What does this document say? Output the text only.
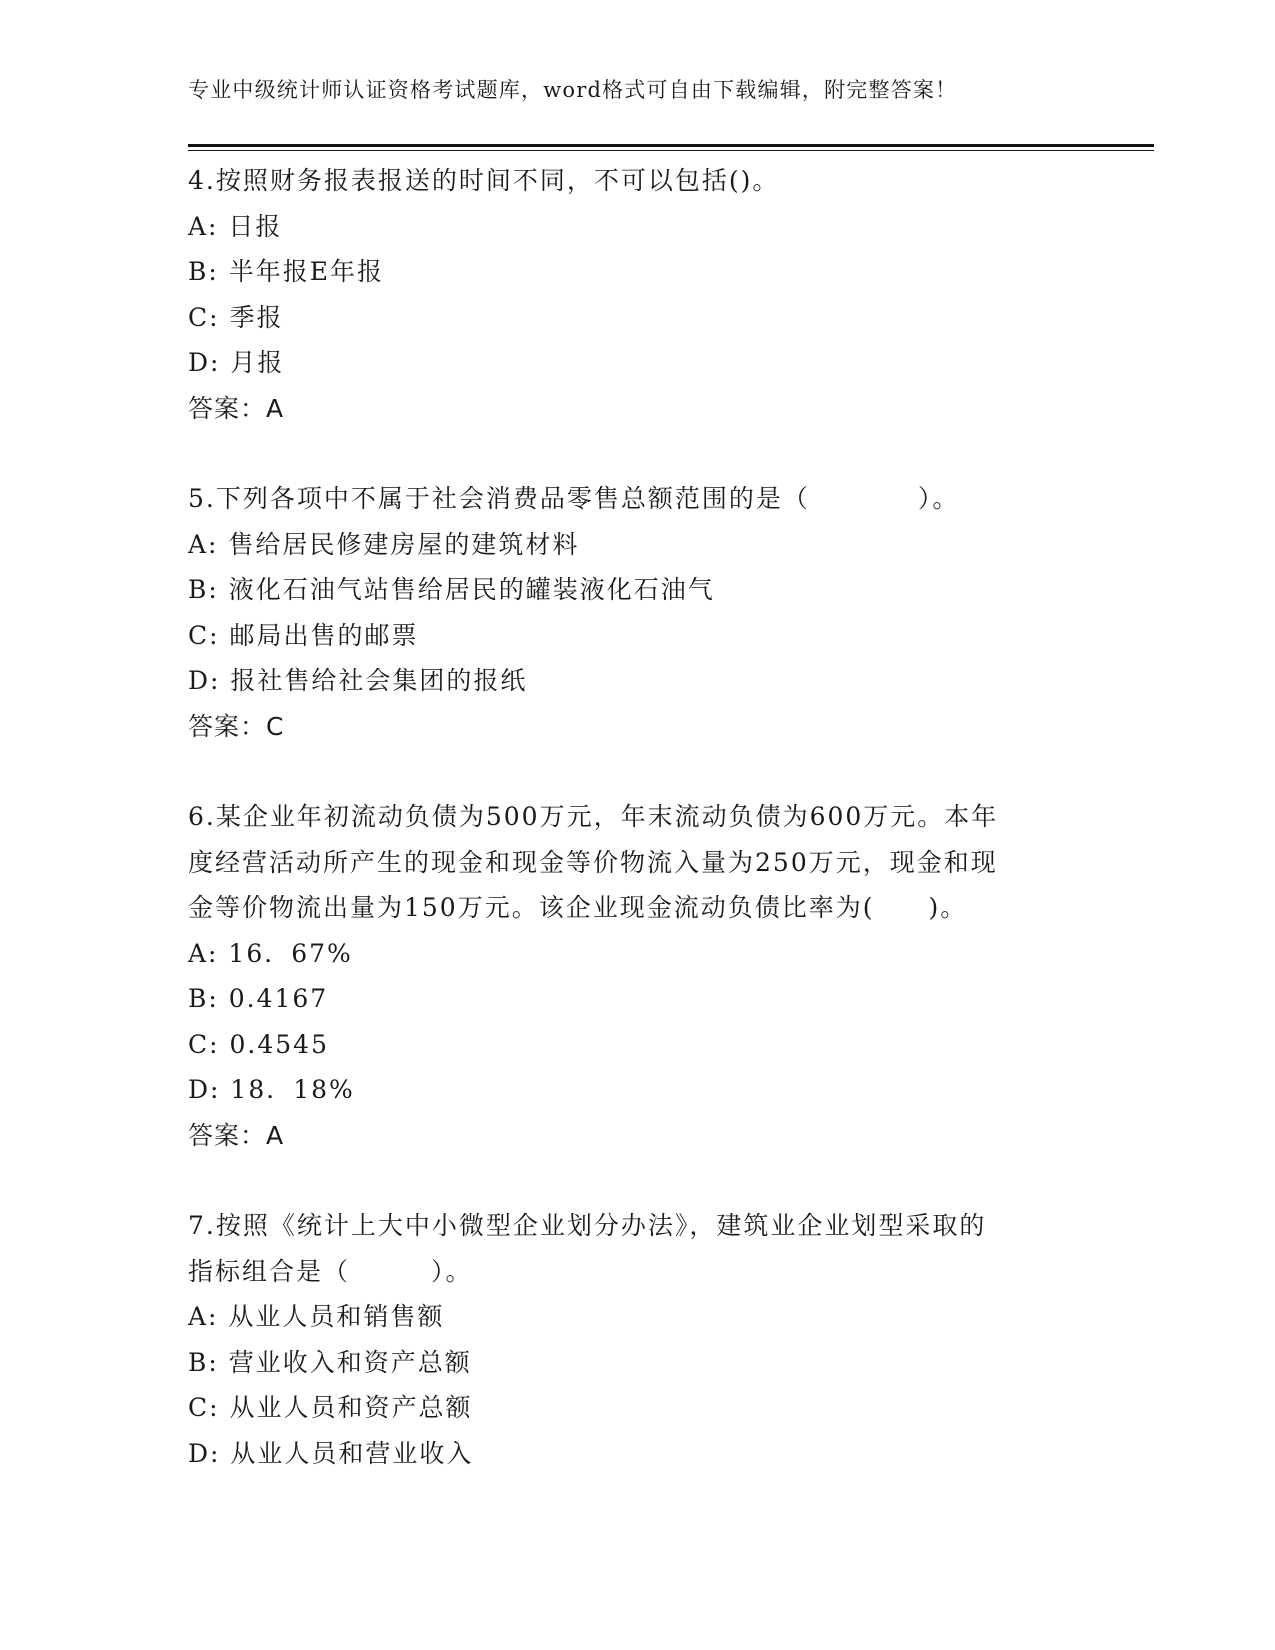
专业中级统计师认证资格考试题库，word格式可自由下载编辑，附完整答案！
4.按照财务报表报送的时间不同，不可以包括()。
A: 日报
B: 半年报E年报
C: 季报
D: 月报
答案：A
5.下列各项中不属于社会消费品零售总额范围的是（　　　　）。
A: 售给居民修建房屋的建筑材料
B: 液化石油气站售给居民的罐装液化石油气
C: 邮局出售的邮票
D: 报社售给社会集团的报纸
答案：C
6.某企业年初流动负债为500万元，年末流动负债为600万元。本年
度经营活动所产生的现金和现金等价物流入量为250万元，现金和现
金等价物流出量为150万元。该企业现金流动负债比率为(　　)。
A: 16．67%
B: 0.4167
C: 0.4545
D: 18．18%
答案：A
7.按照《统计上大中小微型企业划分办法》，建筑业企业划型采取的
指标组合是（　　　）。
A: 从业人员和销售额
B: 营业收入和资产总额
C: 从业人员和资产总额
D: 从业人员和营业收入
